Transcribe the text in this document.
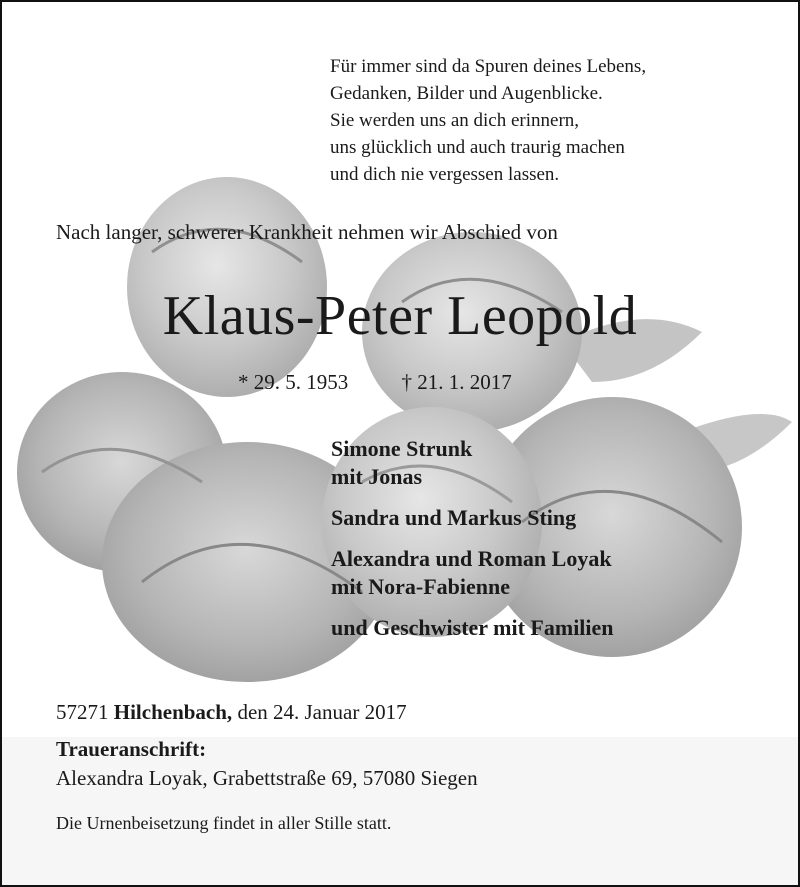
Für immer sind da Spuren deines Lebens,
Gedanken, Bilder und Augenblicke.
Sie werden uns an dich erinnern,
uns glücklich und auch traurig machen
und dich nie vergessen lassen.
Nach langer, schwerer Krankheit nehmen wir Abschied von
Klaus-Peter Leopold
* 29. 5. 1953	† 21. 1. 2017
Simone Strunk
mit Jonas
Sandra und Markus Sting
Alexandra und Roman Loyak
mit Nora-Fabienne
und Geschwister mit Familien
57271 Hilchenbach, den 24. Januar 2017
Traueranschrift:
Alexandra Loyak, Grabettstraße 69, 57080 Siegen
Die Urnenbeisetzung findet in aller Stille statt.
